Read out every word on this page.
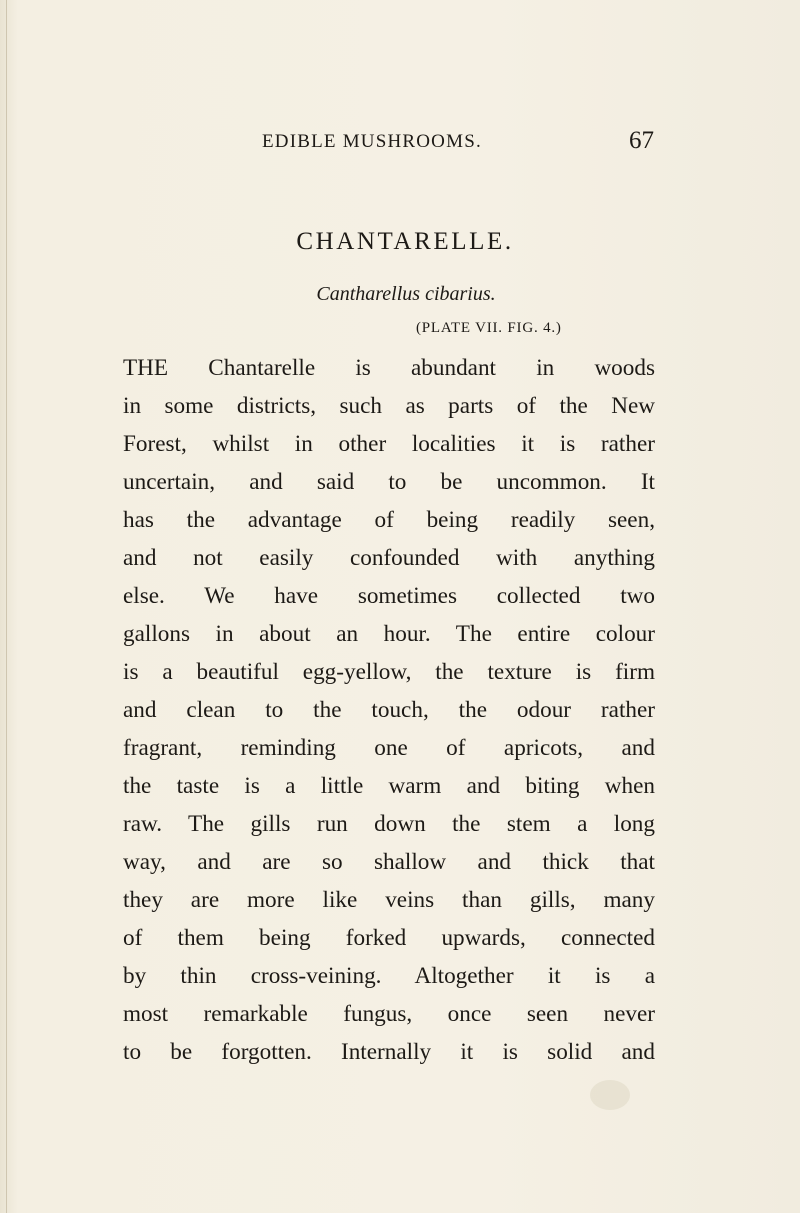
EDIBLE MUSHROOMS.	67
CHANTARELLE.
Cantharellus cibarius.
(PLATE VII. FIG. 4.)
THE Chantarelle is abundant in woods
in some districts, such as parts of the New
Forest, whilst in other localities it is rather
uncertain, and said to be uncommon. It
has the advantage of being readily seen,
and not easily confounded with anything
else. We have sometimes collected two
gallons in about an hour. The entire colour
is a beautiful egg-yellow, the texture is firm
and clean to the touch, the odour rather
fragrant, reminding one of apricots, and
the taste is a little warm and biting when
raw. The gills run down the stem a long
way, and are so shallow and thick that
they are more like veins than gills, many
of them being forked upwards, connected
by thin cross-veining. Altogether it is a
most remarkable fungus, once seen never
to be forgotten. Internally it is solid and
